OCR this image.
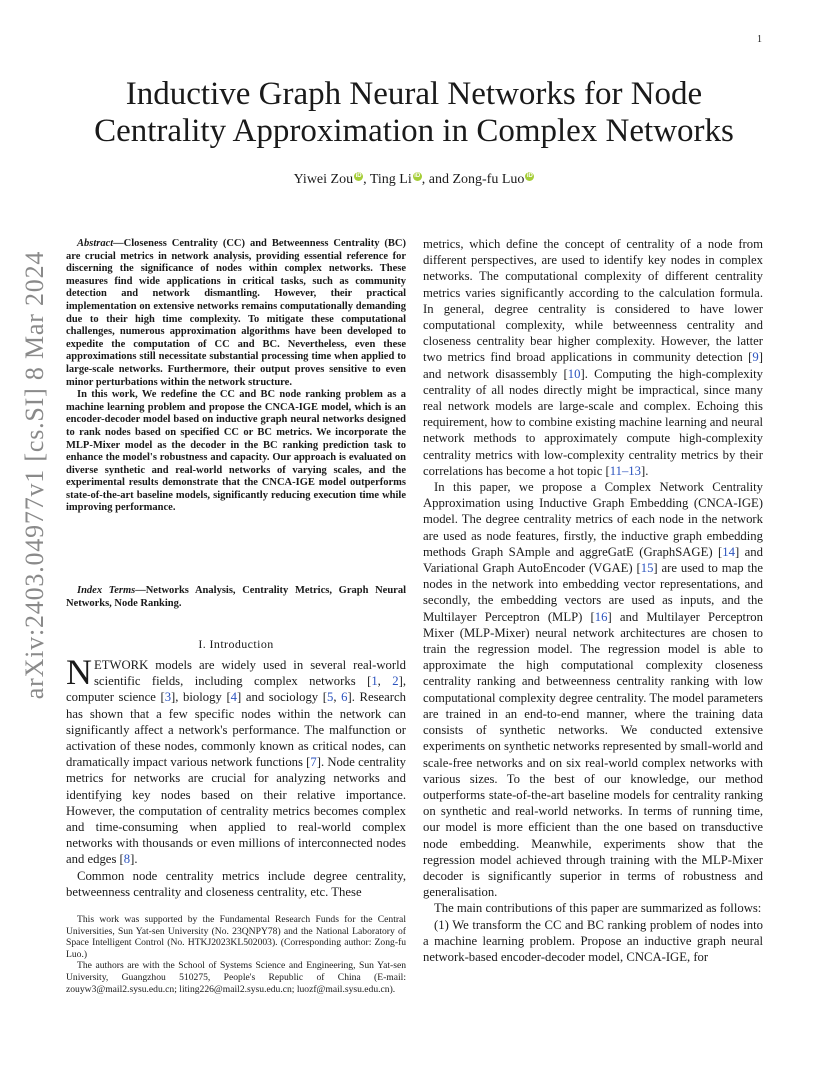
1
arXiv:2403.04977v1 [cs.SI] 8 Mar 2024
Inductive Graph Neural Networks for Node
Centrality Approximation in Complex Networks
Yiwei Zou iD , Ting Li iD , and Zong-fu Luo iD

Abstract—Closeness Centrality (CC) and Betweenness Centrality (BC) are crucial metrics in network analysis, providing essential reference for discerning the significance of nodes within complex networks. These measures find wide applications in critical tasks, such as community detection and network dismantling. However, their practical implementation on extensive networks remains computationally demanding due to their high time complexity. To mitigate these computational challenges, numerous approximation algorithms have been developed to expedite the computation of CC and BC. Nevertheless, even these approximations still necessitate substantial processing time when applied to large-scale networks. Furthermore, their output proves sensitive to even minor perturbations within the network structure.

In this work, We redefine the CC and BC node ranking problem as a machine learning problem and propose the CNCA-IGE model, which is an encoder-decoder model based on inductive graph neural networks designed to rank nodes based on specified CC or BC metrics. We incorporate the MLP-Mixer model as the decoder in the BC ranking prediction task to enhance the model's robustness and capacity. Our approach is evaluated on diverse synthetic and real-world networks of varying scales, and the experimental results demonstrate that the CNCA-IGE model outperforms state-of-the-art baseline models, significantly reducing execution time while improving performance.

Index Terms—Networks Analysis, Centrality Metrics, Graph Neural Networks, Node Ranking.

I. Introduction

NETWORK models are widely used in several real-world scientific fields, including complex networks [1, 2], computer science [3], biology [4] and sociology [5, 6]. Research has shown that a few specific nodes within the network can significantly affect a network's performance. The malfunction or activation of these nodes, commonly known as critical nodes, can dramatically impact various network functions [7]. Node centrality metrics for networks are crucial for analyzing networks and identifying key nodes based on their relative importance. However, the computation of centrality metrics becomes complex and time-consuming when applied to real-world complex networks with thousands or even millions of interconnected nodes and edges [8].

Common node centrality metrics include degree centrality, betweenness centrality and closeness centrality, etc. These

This work was supported by the Fundamental Research Funds for the Central Universities, Sun Yat-sen University (No. 23QNPY78) and the National Laboratory of Space Intelligent Control (No. HTKJ2023KL502003). (Corresponding author: Zong-fu Luo.)

The authors are with the School of Systems Science and Engineering, Sun Yat-sen University, Guangzhou 510275, People's Republic of China (E-mail: zouyw3@mail2.sysu.edu.cn; liting226@mail2.sysu.edu.cn; luozf@mail.sysu.edu.cn).

metrics, which define the concept of centrality of a node from different perspectives, are used to identify key nodes in complex networks. The computational complexity of different centrality metrics varies significantly according to the calculation formula. In general, degree centrality is considered to have lower computational complexity, while betweenness centrality and closeness centrality bear higher complexity. However, the latter two metrics find broad applications in community detection [9] and network disassembly [10]. Computing the high-complexity centrality of all nodes directly might be impractical, since many real network models are large-scale and complex. Echoing this requirement, how to combine existing machine learning and neural network methods to approximately compute high-complexity centrality metrics with low-complexity centrality metrics by their correlations has become a hot topic [11–13].

In this paper, we propose a Complex Network Centrality Approximation using Inductive Graph Embedding (CNCA-IGE) model. The degree centrality metrics of each node in the network are used as node features, firstly, the inductive graph embedding methods Graph SAmple and aggreGatE (GraphSAGE) [14] and Variational Graph AutoEncoder (VGAE) [15] are used to map the nodes in the network into embedding vector representations, and secondly, the embedding vectors are used as inputs, and the Multilayer Perceptron (MLP) [16] and Multilayer Perceptron Mixer (MLP-Mixer) neural network architectures are chosen to train the regression model. The regression model is able to approximate the high computational complexity closeness centrality ranking and betweenness centrality ranking with low computational complexity degree centrality. The model parameters are trained in an end-to-end manner, where the training data consists of synthetic networks. We conducted extensive experiments on synthetic networks represented by small-world and scale-free networks and on six real-world complex networks with various sizes. To the best of our knowledge, our method outperforms state-of-the-art baseline models for centrality ranking on synthetic and real-world networks. In terms of running time, our model is more efficient than the one based on transductive node embedding. Meanwhile, experiments show that the regression model achieved through training with the MLP-Mixer decoder is significantly superior in terms of robustness and generalisation.

The main contributions of this paper are summarized as follows:

(1) We transform the CC and BC ranking problem of nodes into a machine learning problem. Propose an inductive graph neural network-based encoder-decoder model, CNCA-IGE, for
